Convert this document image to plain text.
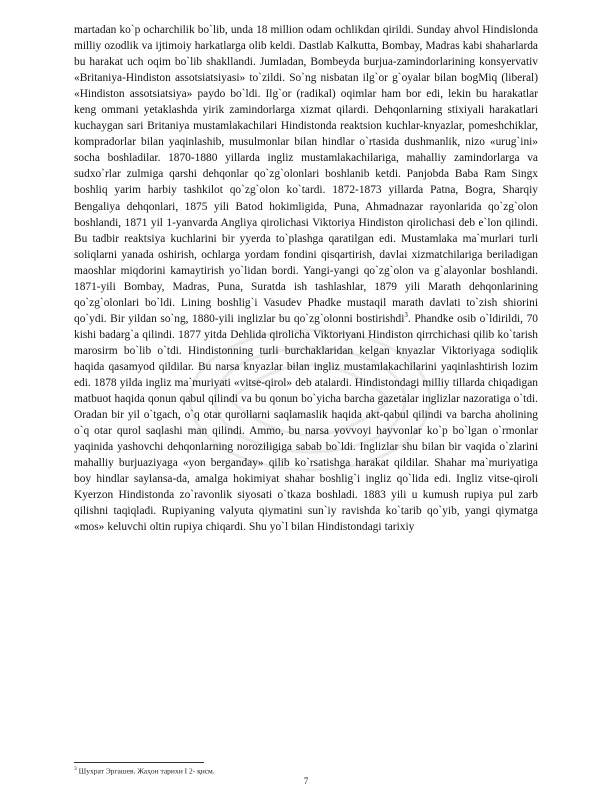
martadan ko`p ocharchilik bo`lib, unda 18 million odam ochlikdan qirildi. Sunday ahvol Hindislonda milliy ozodlik va ijtimoiy harkatlarga olib keldi. Dastlab Kalkutta, Bombay, Madras kabi shaharlarda bu harakat uch oqim bo`lib shakllandi. Jumladan, Bombeyda burjua-zamindorlarining konsyervativ «Britaniya-Hindiston assotsiatsiyasi» to`zildi. So`ng nisbatan ilg`or g`oyalar bilan bogMiq (liberal) «Hindiston assotsiatsiya» paydo bo`ldi. Ilg`or (radikal) oqimlar ham bor edi, lekin bu harakatlar keng ommani yetaklashda yirik zamindorlarga xizmat qilardi. Dehqonlarning stixiyali harakatlari kuchaygan sari Britaniya mustamlakachilari Hindistonda reaktsion kuchlar-knyazlar, pomeshchiklar, kompradorlar bilan yaqinlashib, musulmonlar bilan hindlar o`rtasida dushmanlik, nizo «urug`ini» socha boshladilar. 1870-1880 yillarda ingliz mustamlakachilariga, mahalliy zamindorlarga va sudxo`rlar zulmiga qarshi dehqonlar qo`zg`olonlari boshlanib ketdi. Panjobda Baba Ram Singx boshliq yarim harbiy tashkilot qo`zg`olon ko`tardi. 1872-1873 yillarda Patna, Bogra, Sharqiy Bengaliya dehqonlari, 1875 yili Batod hokimligida, Puna, Ahmadnazar rayonlarida qo`zg`olon boshlandi, 1871 yil 1-yanvarda Angliya qirolichasi Viktoriya Hindiston qirolichasi deb e`lon qilindi. Bu tadbir reaktsiya kuchlarini bir yyerda to`plashga qaratilgan edi. Mustamlaka ma`murlari turli soliqlarni yanada oshirish, ochlarga yordam fondini qisqartirish, davlai xizmatchilariga beriladigan maoshlar miqdorini kamaytirish yo`lidan bordi. Yangi-yangi qo`zg`olon va g`alayonlar boshlandi. 1871-yili Bombay, Madras, Puna, Suratda ish tashlashlar, 1879 yili Marath dehqonlarining qo`zg`olonlari bo`ldi. Lining boshlig`i Vasudev Phadke mustaqil marath davlati to`zish shiorini qo`ydi. Bir yildan so`ng, 1880-yili inglizlar bu qo`zg`olonni bostirishdi$^3$. Phandke osib o`ldirildi, 70 kishi badarg`a qilindi. 1877 yitda Dehlida qirolicha Viktoriyani Hindiston qirrchichasi qilib ko`tarish marosirm bo`lib o`tdi. Hindistonning turli burchaklaridan kelgan knyazlar Viktoriyaga sodiqlik haqida qasamyod qildilar. Bu narsa knyazlar bilan ingliz mustamlakachilarini yaqinlashtirish lozim edi. 1878 yilda ingliz ma`muriyati «vitse-qirol» deb atalardi. Hindistondagi milliy tillarda chiqadigan matbuot haqida qonun qabul qilindi va bu qonun bo`yicha barcha gazetalar inglizlar nazoratiga o`tdi. Oradan bir yil o`tgach, o`q otar qurollarni saqlamaslik haqida akt-qabul qilindi va barcha aholining o`q otar qurol saqlashi man qilindi. Ammo, bu narsa yovvoyi hayvonlar ko`p bo`lgan o`rmonlar yaqinida yashovchi dehqonlarning noroziligiga sabab bo`ldi. Inglizlar shu bilan bir vaqida o`zlarini mahalliy burjuaziyaga «yon berganday» qilib ko`rsatishga harakat qildilar. Shahar ma`muriyatiga boy hindlar saylansa-da, amalga hokimiyat shahar boshlig`i ingliz qo`lida edi. Ingliz vitse-qiroli Kyerzon Hindistonda zo`ravonlik siyosati o`tkaza boshladi. 1883 yili u kumush rupiya pul zarb qilishni taqiqladi. Rupiyaning valyuta qiymatini sun`iy ravishda ko`tarib qo`yib, yangi qiymatga «mos» keluvchi oltin rupiya chiqardi. Shu yo`l bilan Hindistondagi tarixiy

$^3$ Шухрат Эргашев. Жаҳон тарихи I 2- қисм.
7
